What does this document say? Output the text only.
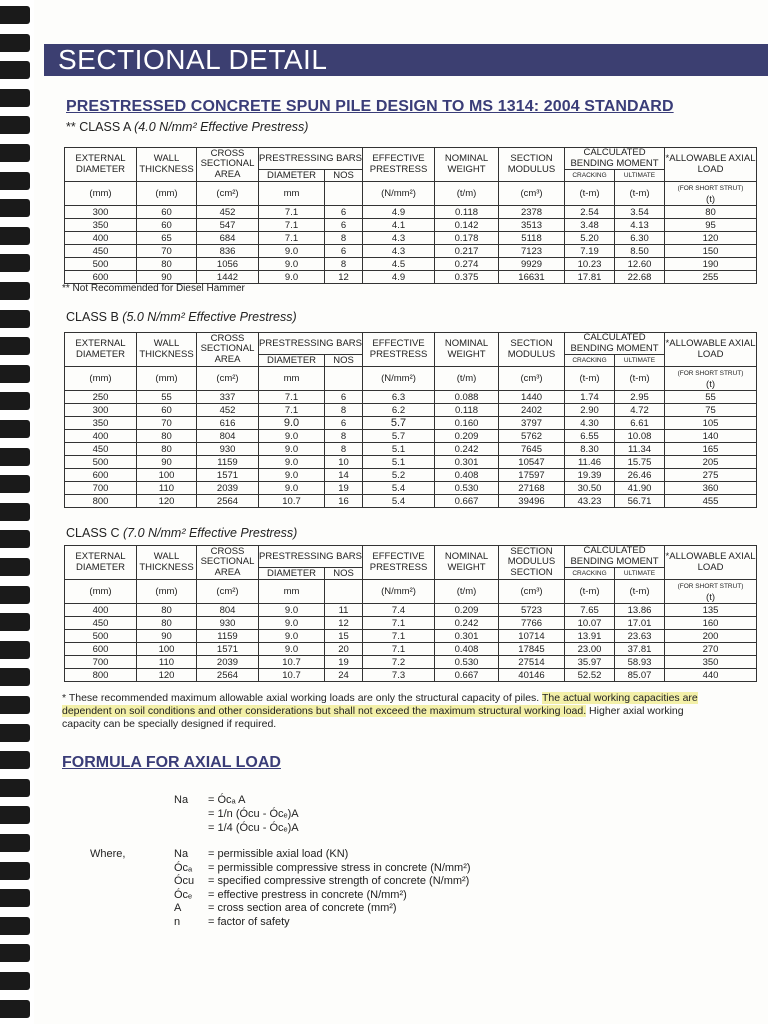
SECTIONAL DETAIL
PRESTRESSED CONCRETE SPUN PILE DESIGN TO MS 1314: 2004 STANDARD
** CLASS A (4.0 N/mm² Effective Prestress)
EXTERNAL DIAMETER	WALL THICKNESS	CROSS SECTIONAL AREA	PRESTRESSING BARS		EFFECTIVE PRESTRESS	NOMINAL WEIGHT	SECTION MODULUS	CALCULATED BENDING MOMENT		*ALLOWABLE AXIAL LOAD
			DIAMETER	NOS				CRACKING	ULTIMATE	
(mm)	(mm)	(cm²)	mm		(N/mm²)	(t/m)	(cm³)	(t-m)	(t-m)	(FOR SHORT STRUT)
(t)
300	60	452	7.1	6	4.9	0.118	2378	2.54	3.54	80
350	60	547	7.1	6	4.1	0.142	3513	3.48	4.13	95
400	65	684	7.1	8	4.3	0.178	5118	5.20	6.30	120
450	70	836	9.0	6	4.3	0.217	7123	7.19	8.50	150
500	80	1056	9.0	8	4.5	0.274	9929	10.23	12.60	190
600	90	1442	9.0	12	4.9	0.375	16631	17.81	22.68	255
** Not Recommended for Diesel Hammer
CLASS B (5.0 N/mm² Effective Prestress)
EXTERNAL DIAMETER	WALL THICKNESS	CROSS SECTIONAL AREA	PRESTRESSING BARS		EFFECTIVE PRESTRESS	NOMINAL WEIGHT	SECTION MODULUS	CALCULATED BENDING MOMENT		*ALLOWABLE AXIAL LOAD
			DIAMETER	NOS				CRACKING	ULTIMATE	
(mm)	(mm)	(cm²)	mm		(N/mm²)	(t/m)	(cm³)	(t-m)	(t-m)	(FOR SHORT STRUT)
(t)
250	55	337	7.1	6	6.3	0.088	1440	1.74	2.95	55
300	60	452	7.1	8	6.2	0.118	2402	2.90	4.72	75
350	70	616	9.0	6	5.7	0.160	3797	4.30	6.61	105
400	80	804	9.0	8	5.7	0.209	5762	6.55	10.08	140
450	80	930	9.0	8	5.1	0.242	7645	8.30	11.34	165
500	90	1159	9.0	10	5.1	0.301	10547	11.46	15.75	205
600	100	1571	9.0	14	5.2	0.408	17597	19.39	26.46	275
700	110	2039	9.0	19	5.4	0.530	27168	30.50	41.90	360
800	120	2564	10.7	16	5.4	0.667	39496	43.23	56.71	455
CLASS C (7.0 N/mm² Effective Prestress)
EXTERNAL DIAMETER	WALL THICKNESS	CROSS SECTIONAL AREA	PRESTRESSING BARS		EFFECTIVE PRESTRESS	NOMINAL WEIGHT	SECTION MODULUS SECTION	CALCULATED BENDING MOMENT		*ALLOWABLE AXIAL LOAD
			DIAMETER	NOS				CRACKING	ULTIMATE	
(mm)	(mm)	(cm²)	mm		(N/mm²)	(t/m)	(cm³)	(t-m)	(t-m)	(FOR SHORT STRUT)
(t)
400	80	804	9.0	11	7.4	0.209	5723	7.65	13.86	135
450	80	930	9.0	12	7.1	0.242	7766	10.07	17.01	160
500	90	1159	9.0	15	7.1	0.301	10714	13.91	23.63	200
600	100	1571	9.0	20	7.1	0.408	17845	23.00	37.81	270
700	110	2039	10.7	19	7.2	0.530	27514	35.97	58.93	350
800	120	2564	10.7	24	7.3	0.667	40146	52.52	85.07	440
* These recommended maximum allowable axial working loads are only the structural capacity of piles. The actual working capacities are dependent on soil conditions and other considerations but shall not exceed the maximum structural working load. Higher axial working capacity can be specially designed if required.
FORMULA FOR AXIAL LOAD
Na = Ócₐ A
= 1/n (Ócu - Ócₑ)A
= 1/4 (Ócu - Ócₑ)A
Where,	Na = permissible axial load (KN)
Ócₐ = permissible compressive stress in concrete (N/mm²)
Ócu = specified compressive strength of concrete (N/mm²)
Ócₑ = effective prestress in concrete (N/mm²)
A = cross section area of concrete (mm²)
n	= factor of safety
